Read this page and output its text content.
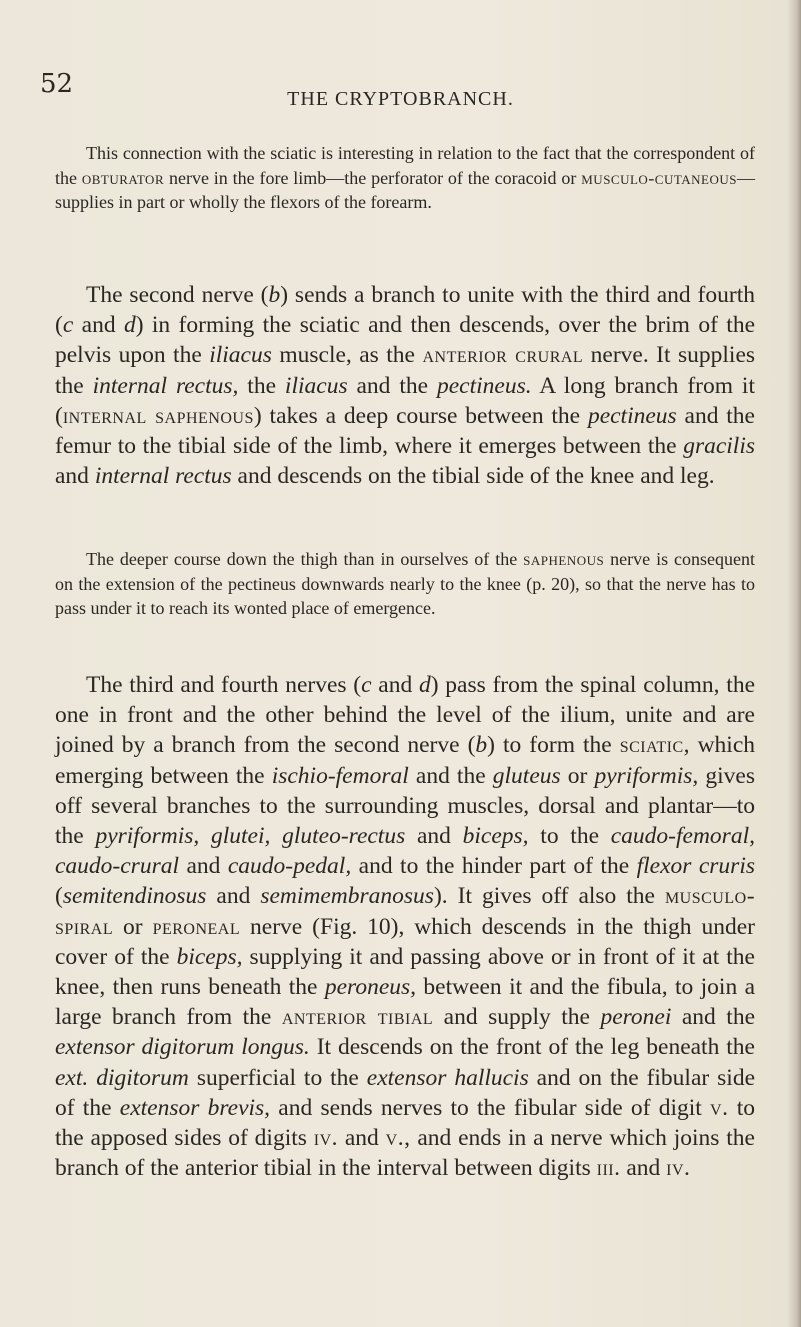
52	THE CRYPTOBRANCH.

This connection with the sciatic is interesting in relation to the fact that the correspondent of the obturator nerve in the fore limb—the perforator of the coracoid or musculo-cutaneous—supplies in part or wholly the flexors of the forearm.

The second nerve (b) sends a branch to unite with the third and fourth (c and d) in forming the sciatic and then descends, over the brim of the pelvis upon the iliacus muscle, as the anterior crural nerve. It supplies the internal rectus, the iliacus and the pectineus. A long branch from it (internal saphenous) takes a deep course between the pectineus and the femur to the tibial side of the limb, where it emerges between the gracilis and internal rectus and descends on the tibial side of the knee and leg.

The deeper course down the thigh than in ourselves of the saphenous nerve is consequent on the extension of the pectineus downwards nearly to the knee (p. 20), so that the nerve has to pass under it to reach its wonted place of emergence.

The third and fourth nerves (c and d) pass from the spinal column, the one in front and the other behind the level of the ilium, unite and are joined by a branch from the second nerve (b) to form the sciatic, which emerging between the ischio-femoral and the gluteus or pyriformis, gives off several branches to the surrounding muscles, dorsal and plantar—to the pyriformis, glutei, gluteo-rectus and biceps, to the caudo-femoral, caudo-crural and caudo-pedal, and to the hinder part of the flexor cruris (semitendinosus and semimembranosus). It gives off also the musculo-spiral or peroneal nerve (Fig. 10), which descends in the thigh under cover of the biceps, supplying it and passing above or in front of it at the knee, then runs beneath the peroneus, between it and the fibula, to join a large branch from the anterior tibial and supply the peronei and the extensor digitorum longus. It descends on the front of the leg beneath the ext. digitorum superficial to the extensor hallucis and on the fibular side of the extensor brevis, and sends nerves to the fibular side of digit v. to the apposed sides of digits iv. and v., and ends in a nerve which joins the branch of the anterior tibial in the interval between digits iii. and iv.
